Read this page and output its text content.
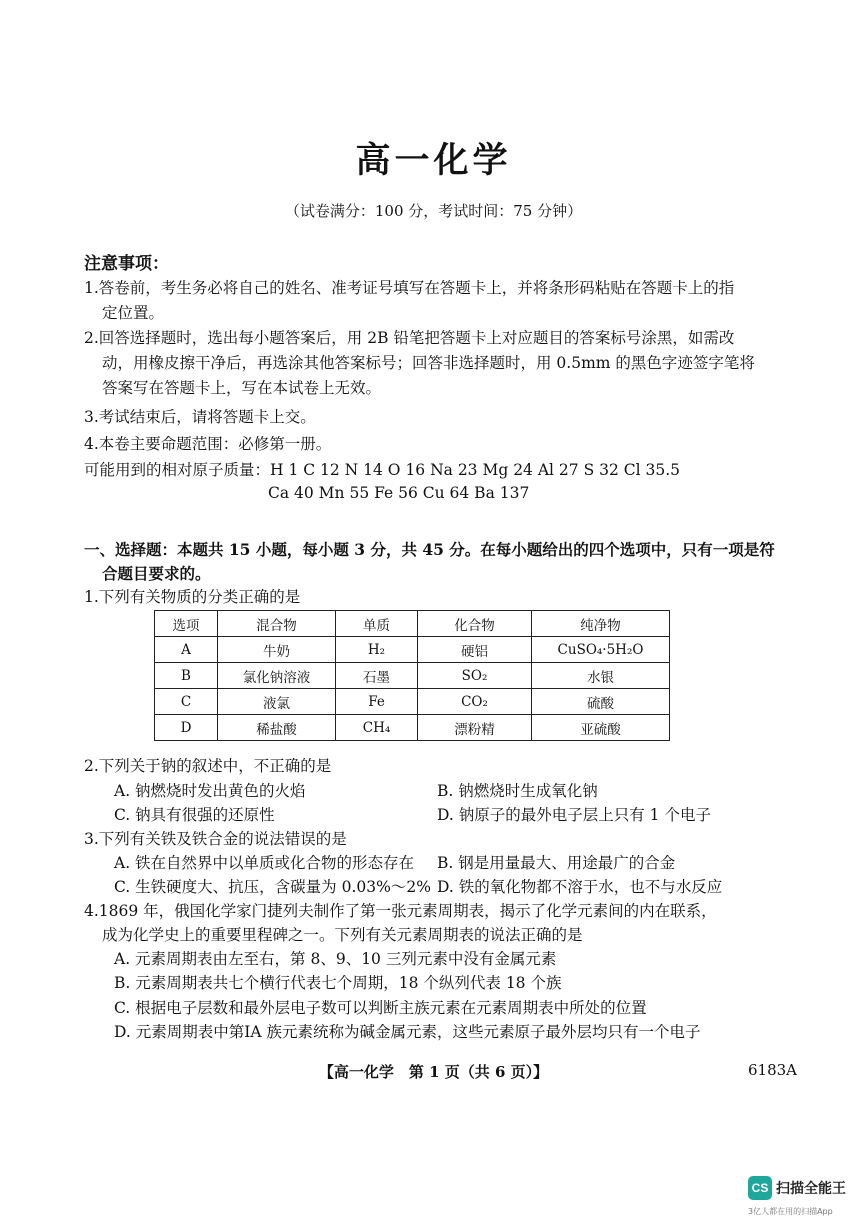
高一化学
（试卷满分：100 分，考试时间：75 分钟）
注意事项：
1.答卷前，考生务必将自己的姓名、准考证号填写在答题卡上，并将条形码粘贴在答题卡上的指
定位置。
2.回答选择题时，选出每小题答案后，用 2B 铅笔把答题卡上对应题目的答案标号涂黑，如需改
动，用橡皮擦干净后，再选涂其他答案标号；回答非选择题时，用 0.5mm 的黑色字迹签字笔将
答案写在答题卡上，写在本试卷上无效。
3.考试结束后，请将答题卡上交。
4.本卷主要命题范围：必修第一册。
可能用到的相对原子质量：H 1 C 12 N 14 O 16 Na 23 Mg 24 Al 27 S 32 Cl 35.5
Ca 40 Mn 55 Fe 56 Cu 64 Ba 137
一、选择题：本题共 15 小题，每小题 3 分，共 45 分。在每小题给出的四个选项中，只有一项是符
合题目要求的。
1.下列有关物质的分类正确的是
选项	混合物	单质	化合物	纯净物
A	牛奶	H₂	硬铝	CuSO₄·5H₂O
B	氯化钠溶液	石墨	SO₂	水银
C	液氯	Fe	CO₂	硫酸
D	稀盐酸	CH₄	漂粉精	亚硫酸
2.下列关于钠的叙述中，不正确的是
A. 钠燃烧时发出黄色的火焰	B. 钠燃烧时生成氧化钠
C. 钠具有很强的还原性	D. 钠原子的最外电子层上只有 1 个电子
3.下列有关铁及铁合金的说法错误的是
A. 铁在自然界中以单质或化合物的形态存在 B. 钢是用量最大、用途最广的合金
C. 生铁硬度大、抗压，含碳量为 0.03%～2% D. 铁的氧化物都不溶于水，也不与水反应
4.1869 年，俄国化学家门捷列夫制作了第一张元素周期表，揭示了化学元素间的内在联系，
成为化学史上的重要里程碑之一。下列有关元素周期表的说法正确的是
A. 元素周期表由左至右，第 8、9、10 三列元素中没有金属元素
B. 元素周期表共七个横行代表七个周期，18 个纵列代表 18 个族
C. 根据电子层数和最外层电子数可以判断主族元素在元素周期表中所处的位置
D. 元素周期表中第ⅠA 族元素统称为碱金属元素，这些元素原子最外层均只有一个电子
【高一化学　第 1 页（共 6 页）】	6183A
CS 扫描全能王
3亿人都在用的扫描App
